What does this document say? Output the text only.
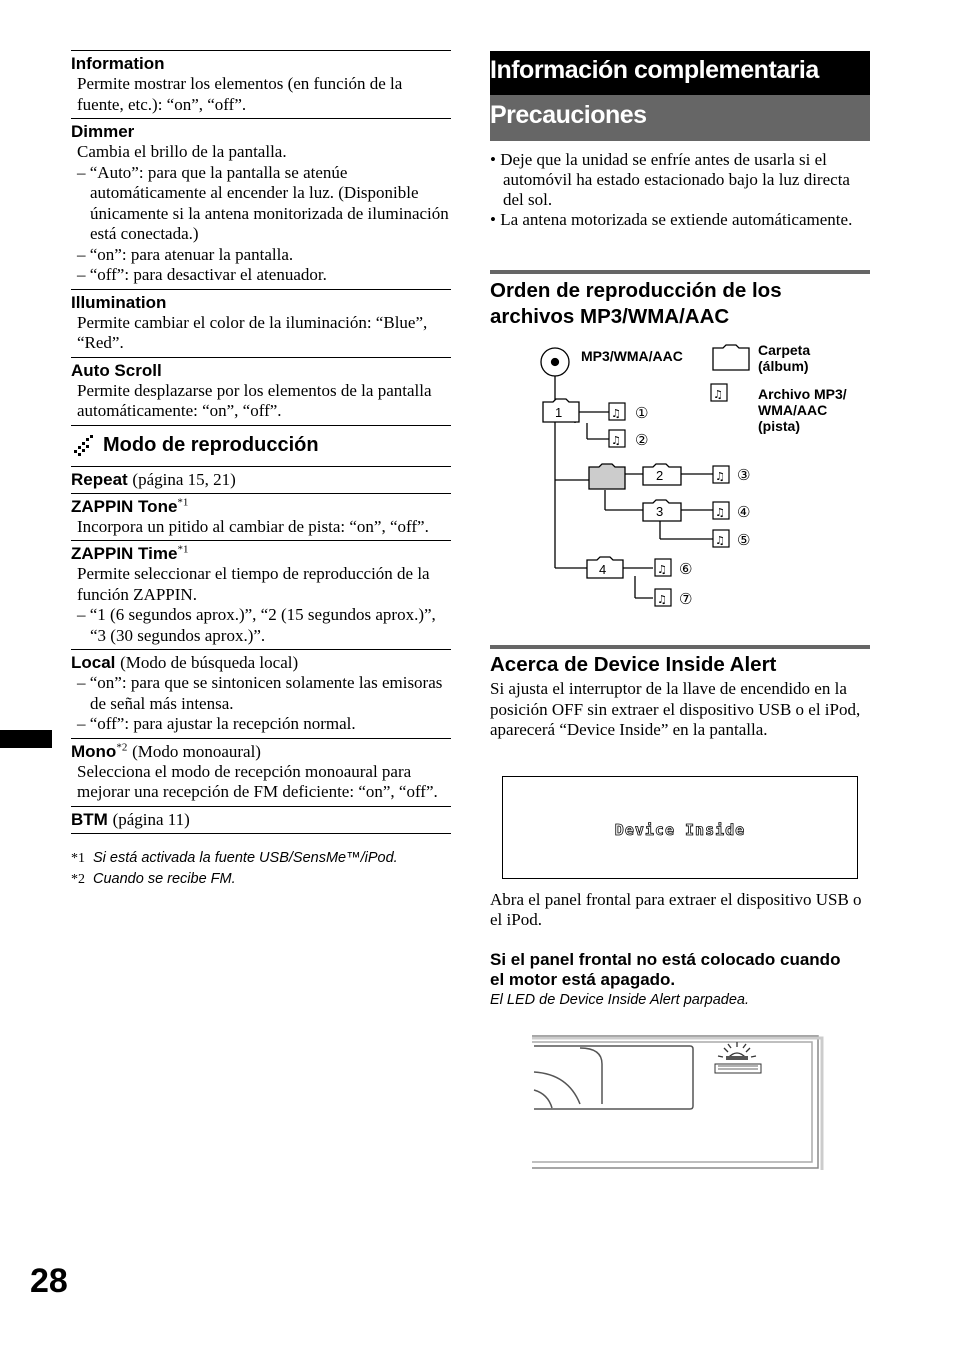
Information
Permite mostrar los elementos (en función de la fuente, etc.): “on”, “off”.
Dimmer
Cambia el brillo de la pantalla.
– “Auto”: para que la pantalla se atenúe automáticamente al encender la luz. (Disponible únicamente si la antena monitorizada de iluminación está conectada.)
– “on”: para atenuar la pantalla.
– “off”: para desactivar el atenuador.
Illumination
Permite cambiar el color de la iluminación: “Blue”, “Red”.
Auto Scroll
Permite desplazarse por los elementos de la pantalla automáticamente: “on”, “off”.
Modo de reproducción
Repeat (página 15, 21)
ZAPPIN Tone$^{*1}$
Incorpora un pitido al cambiar de pista: “on”, “off”.
ZAPPIN Time$^{*1}$
Permite seleccionar el tiempo de reproducción de la función ZAPPIN.
– “1 (6 segundos aprox.)”, “2 (15 segundos aprox.)”, “3 (30 segundos aprox.)”.
Local (Modo de búsqueda local)
– “on”: para que se sintonicen solamente las emisoras de señal más intensa.
– “off”: para ajustar la recepción normal.
Mono$^{*2}$ (Modo monoaural)
Selecciona el modo de recepción monoaural para mejorar una recepción de FM deficiente: “on”, “off”.
BTM (página 11)
*1 Si está activada la fuente USB/SensMe™/iPod.
*2 Cuando se recibe FM.
28
Información complementaria
Precauciones
• Deje que la unidad se enfríe antes de usarla si el automóvil ha estado estacionado bajo la luz directa del sol.
• La antena motorizada se extiende automáticamente.
Orden de reproducción de los archivos MP3/WMA/AAC
1
2
3
4
♫
♫
♫
♫
♫
♫
♫
♫
①
②
③
④
⑤
⑥
⑦
MP3/WMA/AAC	Carpeta (álbum)
Archivo MP3/ WMA/AAC (pista)
Acerca de Device Inside Alert
Si ajusta el interruptor de la llave de encendido en la posición OFF sin extraer el dispositivo USB o el iPod, aparecerá “Device Inside” en la pantalla.
Device Inside
Abra el panel frontal para extraer el dispositivo USB o el iPod.
Si el panel frontal no está colocado cuando el motor está apagado.
El LED de Device Inside Alert parpadea.
